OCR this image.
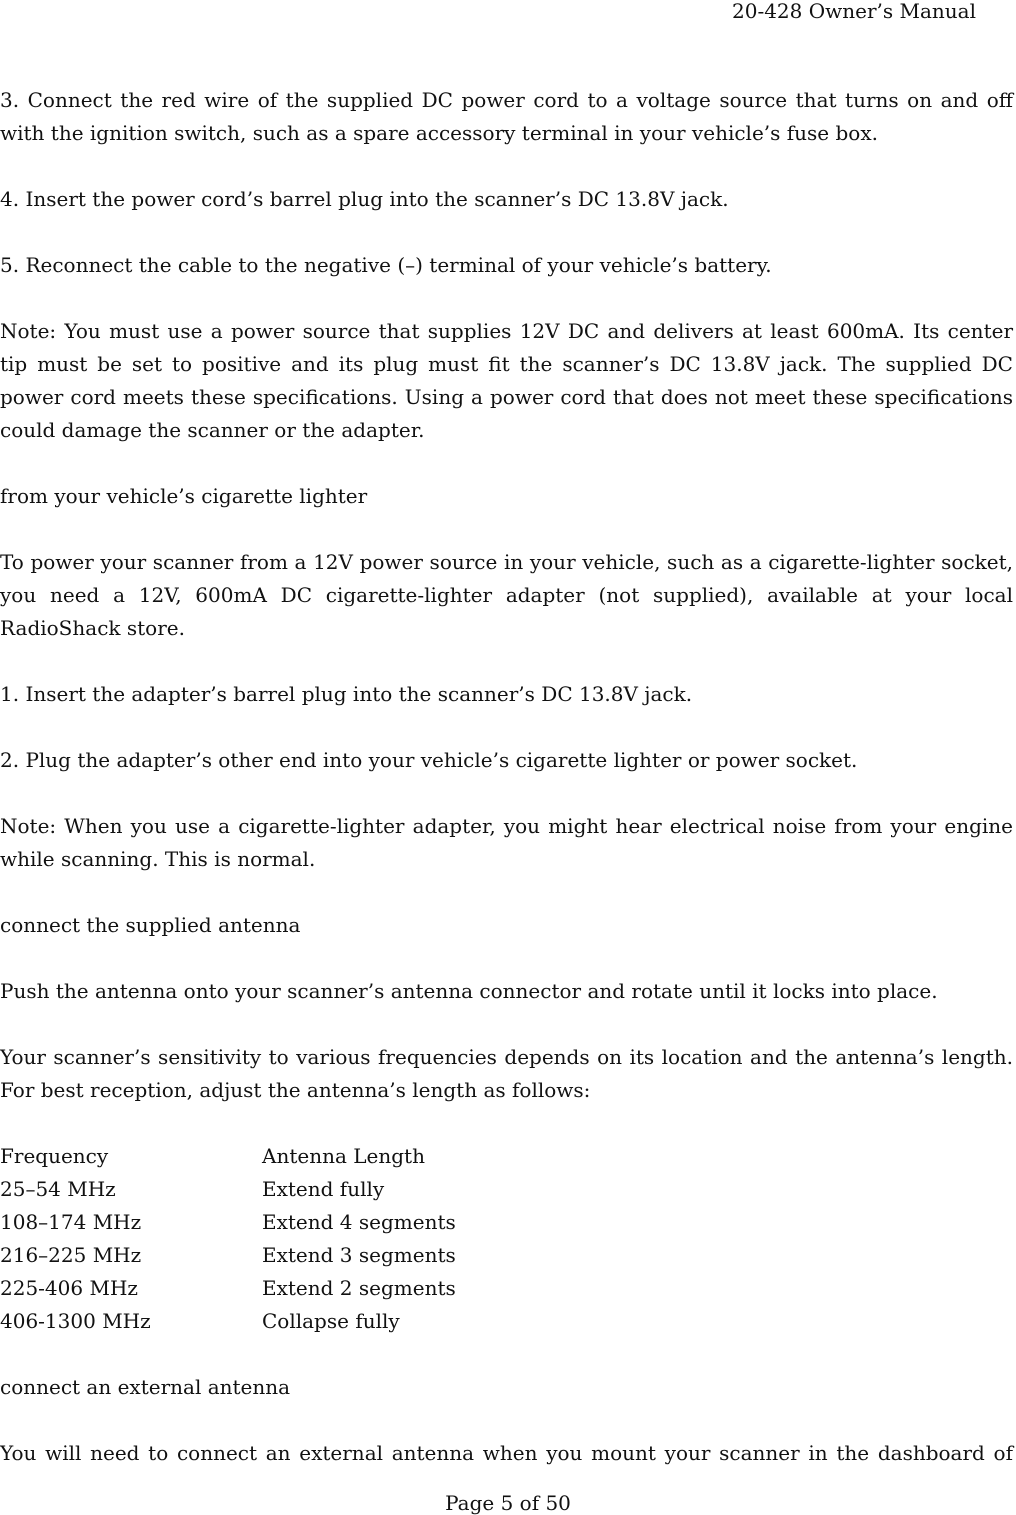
20-428 Owner’s Manual

3. Connect the red wire of the supplied DC power cord to a voltage source that turns on and off with the ignition switch, such as a spare accessory terminal in your vehicle’s fuse box.

4. Insert the power cord’s barrel plug into the scanner’s DC 13.8V jack.

5. Reconnect the cable to the negative (–) terminal of your vehicle’s battery.

Note: You must use a power source that supplies 12V DC and delivers at least 600mA. Its center tip must be set to positive and its plug must fit the scanner’s DC 13.8V jack. The supplied DC power cord meets these specifications. Using a power cord that does not meet these specifications could damage the scanner or the adapter.

from your vehicle’s cigarette lighter

To power your scanner from a 12V power source in your vehicle, such as a cigarette-lighter socket, you need a 12V, 600mA DC cigarette-lighter adapter (not supplied), available at your local RadioShack store.

1. Insert the adapter’s barrel plug into the scanner’s DC 13.8V jack.

2. Plug the adapter’s other end into your vehicle’s cigarette lighter or power socket.

Note: When you use a cigarette-lighter adapter, you might hear electrical noise from your engine while scanning. This is normal.

connect the supplied antenna

Push the antenna onto your scanner’s antenna connector and rotate until it locks into place.

Your scanner’s sensitivity to various frequencies depends on its location and the antenna’s length. For best reception, adjust the antenna’s length as follows:

Frequency	Antenna Length
25–54 MHz	Extend fully
108–174 MHz	Extend 4 segments
216–225 MHz	Extend 3 segments
225-406 MHz	Extend 2 segments
406-1300 MHz	Collapse fully
connect an external antenna

You will need to connect an external antenna when you mount your scanner in the dashboard of

Page 5 of 50
